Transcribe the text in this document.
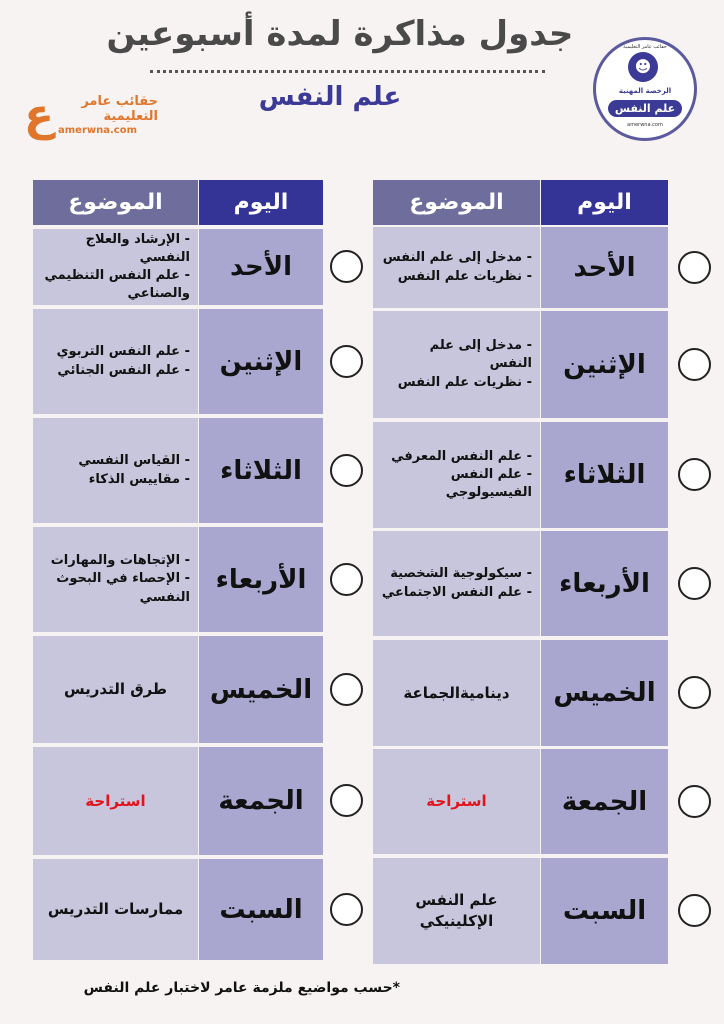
جدول مذاكرة لمدة أسبوعين
علم النفس
ع حقائب عامر
التعليمية
amerwna.com
حقائب عامر التعليمية
☻
الرخصة المهنية
علم النفس
amerwna.com
اليوم
الموضوع
الأحد
- مدخل إلى علم النفس
- نظريات علم النفس
الإثنين
- مدخل إلى علم
النفس
- نظريات علم النفس
الثلاثاء
- علم النفس المعرفي
- علم النفس
الفيسيولوجي
الأربعاء
- سيكولوجية الشخصية
- علم النفس الاجتماعي
الخميس
ديناميةالجماعة
الجمعة
استراحة
السبت
علم النفس
الإكلينيكي
اليوم
الموضوع
الأحد
- الإرشاد والعلاج النفسي
- علم النفس التنظيمي
والصناعي
الإثنين
- علم النفس التربوي
- علم النفس الجنائي
الثلاثاء
- القياس النفسي
- مقاييس الذكاء
الأربعاء
- الإتجاهات والمهارات
- الإحصاء في البحوث
النفسي
الخميس
طرق التدريس
الجمعة
استراحة
السبت
ممارسات التدريس
*حسب مواضيع ملزمة عامر لاختبار علم النفس
